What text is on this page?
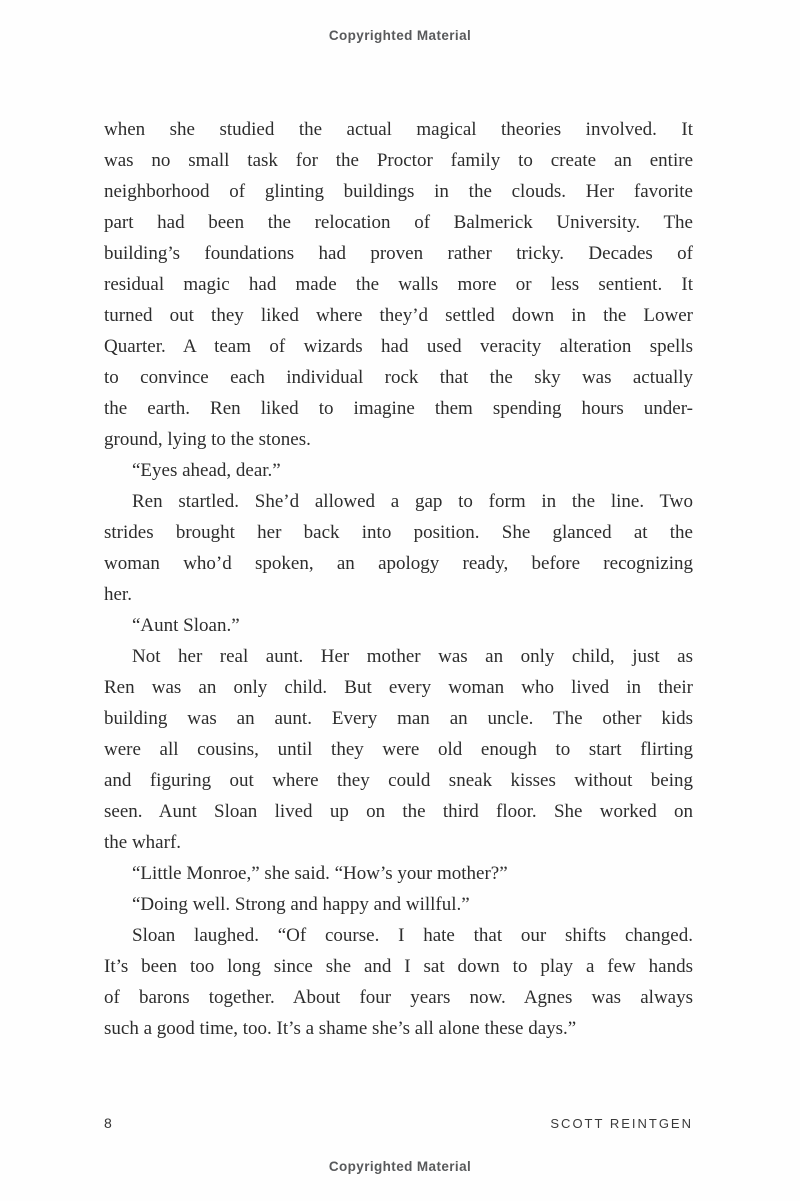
Copyrighted Material
when she studied the actual magical theories involved. It
was no small task for the Proctor family to create an entire
neighborhood of glinting buildings in the clouds. Her favorite
part had been the relocation of Balmerick University. The
building’s foundations had proven rather tricky. Decades of
residual magic had made the walls more or less sentient. It
turned out they liked where they’d settled down in the Lower
Quarter. A team of wizards had used veracity alteration spells
to convince each individual rock that the sky was actually
the earth. Ren liked to imagine them spending hours under-
ground, lying to the stones.
“Eyes ahead, dear.”
Ren startled. She’d allowed a gap to form in the line. Two
strides brought her back into position. She glanced at the
woman who’d spoken, an apology ready, before recognizing
her.
“Aunt Sloan.”
Not her real aunt. Her mother was an only child, just as
Ren was an only child. But every woman who lived in their
building was an aunt. Every man an uncle. The other kids
were all cousins, until they were old enough to start flirting
and figuring out where they could sneak kisses without being
seen. Aunt Sloan lived up on the third floor. She worked on
the wharf.
“Little Monroe,” she said. “How’s your mother?”
“Doing well. Strong and happy and willful.”
Sloan laughed. “Of course. I hate that our shifts changed.
It’s been too long since she and I sat down to play a few hands
of barons together. About four years now. Agnes was always
such a good time, too. It’s a shame she’s all alone these days.”
8	SCOTT REINTGEN
Copyrighted Material
